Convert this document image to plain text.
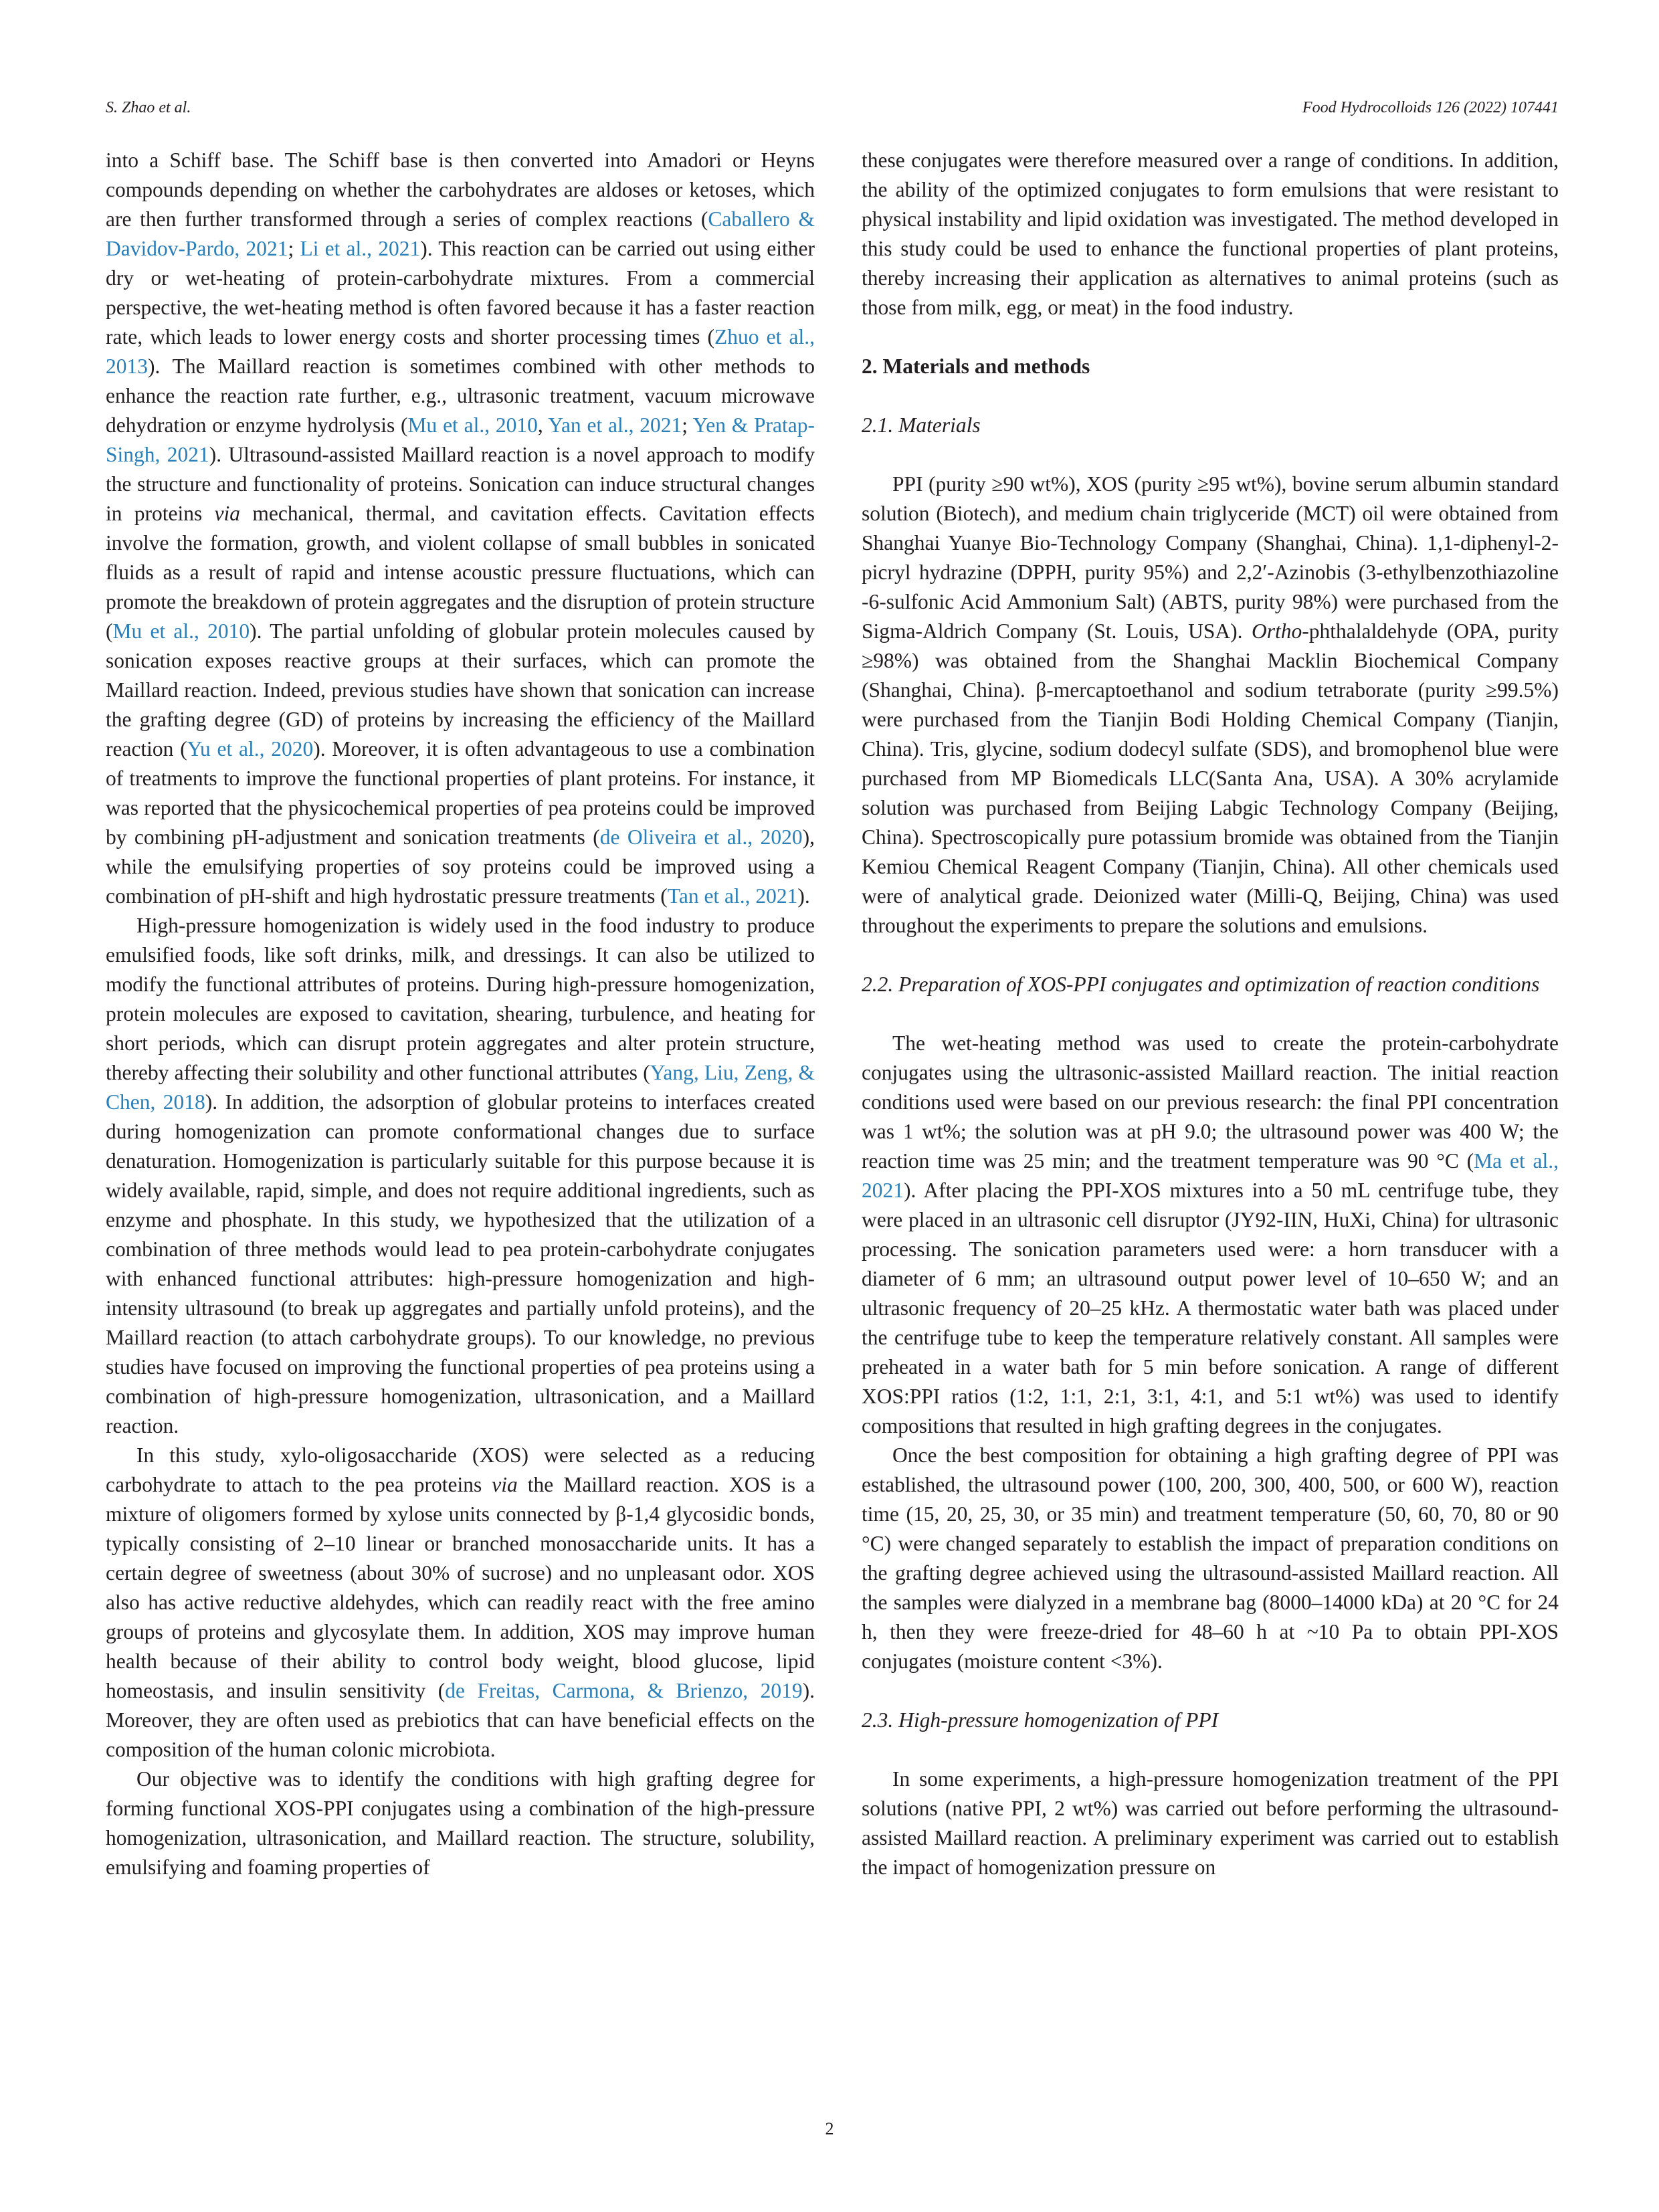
S. Zhao et al.	Food Hydrocolloids 126 (2022) 107441

into a Schiff base. The Schiff base is then converted into Amadori or Heyns compounds depending on whether the carbohydrates are aldoses or ketoses, which are then further transformed through a series of complex reactions (Caballero & Davidov-Pardo, 2021; Li et al., 2021). This reaction can be carried out using either dry or wet-heating of protein-carbohydrate mixtures. From a commercial perspective, the wet-heating method is often favored because it has a faster reaction rate, which leads to lower energy costs and shorter processing times (Zhuo et al., 2013). The Maillard reaction is sometimes combined with other methods to enhance the reaction rate further, e.g., ultrasonic treatment, vacuum microwave dehydration or enzyme hydrolysis (Mu et al., 2010, Yan et al., 2021; Yen & Pratap-Singh, 2021). Ultrasound-assisted Maillard reaction is a novel approach to modify the structure and functionality of proteins. Sonication can induce structural changes in proteins via mechanical, thermal, and cavitation effects. Cavitation effects involve the formation, growth, and violent collapse of small bubbles in sonicated fluids as a result of rapid and intense acoustic pressure fluctuations, which can promote the breakdown of protein aggregates and the disruption of protein structure (Mu et al., 2010). The partial unfolding of globular protein molecules caused by sonication exposes reactive groups at their surfaces, which can promote the Maillard reaction. Indeed, previous studies have shown that sonication can increase the grafting degree (GD) of proteins by increasing the efficiency of the Maillard reaction (Yu et al., 2020). Moreover, it is often advantageous to use a combination of treatments to improve the functional properties of plant proteins. For instance, it was reported that the physicochemical properties of pea proteins could be improved by combining pH-adjustment and sonication treatments (de Oliveira et al., 2020), while the emulsifying properties of soy proteins could be improved using a combination of pH-shift and high hydrostatic pressure treatments (Tan et al., 2021).

High-pressure homogenization is widely used in the food industry to produce emulsified foods, like soft drinks, milk, and dressings. It can also be utilized to modify the functional attributes of proteins. During high-pressure homogenization, protein molecules are exposed to cavitation, shearing, turbulence, and heating for short periods, which can disrupt protein aggregates and alter protein structure, thereby affecting their solubility and other functional attributes (Yang, Liu, Zeng, & Chen, 2018). In addition, the adsorption of globular proteins to interfaces created during homogenization can promote conformational changes due to surface denaturation. Homogenization is particularly suitable for this purpose because it is widely available, rapid, simple, and does not require additional ingredients, such as enzyme and phosphate. In this study, we hypothesized that the utilization of a combination of three methods would lead to pea protein-carbohydrate conjugates with enhanced functional attributes: high-pressure homogenization and high-intensity ultrasound (to break up aggregates and partially unfold proteins), and the Maillard reaction (to attach carbohydrate groups). To our knowledge, no previous studies have focused on improving the functional properties of pea proteins using a combination of high-pressure homogenization, ultrasonication, and a Maillard reaction.

In this study, xylo-oligosaccharide (XOS) were selected as a reducing carbohydrate to attach to the pea proteins via the Maillard reaction. XOS is a mixture of oligomers formed by xylose units connected by β-1,4 glycosidic bonds, typically consisting of 2–10 linear or branched monosaccharide units. It has a certain degree of sweetness (about 30% of sucrose) and no unpleasant odor. XOS also has active reductive aldehydes, which can readily react with the free amino groups of proteins and glycosylate them. In addition, XOS may improve human health because of their ability to control body weight, blood glucose, lipid homeostasis, and insulin sensitivity (de Freitas, Carmona, & Brienzo, 2019). Moreover, they are often used as prebiotics that can have beneficial effects on the composition of the human colonic microbiota.

Our objective was to identify the conditions with high grafting degree for forming functional XOS-PPI conjugates using a combination of the high-pressure homogenization, ultrasonication, and Maillard reaction. The structure, solubility, emulsifying and foaming properties of

these conjugates were therefore measured over a range of conditions. In addition, the ability of the optimized conjugates to form emulsions that were resistant to physical instability and lipid oxidation was investigated. The method developed in this study could be used to enhance the functional properties of plant proteins, thereby increasing their application as alternatives to animal proteins (such as those from milk, egg, or meat) in the food industry.

2. Materials and methods
2.1. Materials

PPI (purity ≥90 wt%), XOS (purity ≥95 wt%), bovine serum albumin standard solution (Biotech), and medium chain triglyceride (MCT) oil were obtained from Shanghai Yuanye Bio-Technology Company (Shanghai, China). 1,1-diphenyl-2-picryl hydrazine (DPPH, purity 95%) and 2,2′-Azinobis (3-ethylbenzothiazoline -6-sulfonic Acid Ammonium Salt) (ABTS, purity 98%) were purchased from the Sigma-Aldrich Company (St. Louis, USA). Ortho-phthalaldehyde (OPA, purity ≥98%) was obtained from the Shanghai Macklin Biochemical Company (Shanghai, China). β-mercaptoethanol and sodium tetraborate (purity ≥99.5%) were purchased from the Tianjin Bodi Holding Chemical Company (Tianjin, China). Tris, glycine, sodium dodecyl sulfate (SDS), and bromophenol blue were purchased from MP Biomedicals LLC(Santa Ana, USA). A 30% acrylamide solution was purchased from Beijing Labgic Technology Company (Beijing, China). Spectroscopically pure potassium bromide was obtained from the Tianjin Kemiou Chemical Reagent Company (Tianjin, China). All other chemicals used were of analytical grade. Deionized water (Milli-Q, Beijing, China) was used throughout the experiments to prepare the solutions and emulsions.

2.2. Preparation of XOS-PPI conjugates and optimization of reaction conditions

The wet-heating method was used to create the protein-carbohydrate conjugates using the ultrasonic-assisted Maillard reaction. The initial reaction conditions used were based on our previous research: the final PPI concentration was 1 wt%; the solution was at pH 9.0; the ultrasound power was 400 W; the reaction time was 25 min; and the treatment temperature was 90 °C (Ma et al., 2021). After placing the PPI-XOS mixtures into a 50 mL centrifuge tube, they were placed in an ultrasonic cell disruptor (JY92-IIN, HuXi, China) for ultrasonic processing. The sonication parameters used were: a horn transducer with a diameter of 6 mm; an ultrasound output power level of 10–650 W; and an ultrasonic frequency of 20–25 kHz. A thermostatic water bath was placed under the centrifuge tube to keep the temperature relatively constant. All samples were preheated in a water bath for 5 min before sonication. A range of different XOS:PPI ratios (1:2, 1:1, 2:1, 3:1, 4:1, and 5:1 wt%) was used to identify compositions that resulted in high grafting degrees in the conjugates.

Once the best composition for obtaining a high grafting degree of PPI was established, the ultrasound power (100, 200, 300, 400, 500, or 600 W), reaction time (15, 20, 25, 30, or 35 min) and treatment temperature (50, 60, 70, 80 or 90 °C) were changed separately to establish the impact of preparation conditions on the grafting degree achieved using the ultrasound-assisted Maillard reaction. All the samples were dialyzed in a membrane bag (8000–14000 kDa) at 20 °C for 24 h, then they were freeze-dried for 48–60 h at ~10 Pa to obtain PPI-XOS conjugates (moisture content <3%).

2.3. High-pressure homogenization of PPI

In some experiments, a high-pressure homogenization treatment of the PPI solutions (native PPI, 2 wt%) was carried out before performing the ultrasound-assisted Maillard reaction. A preliminary experiment was carried out to establish the impact of homogenization pressure on

2
